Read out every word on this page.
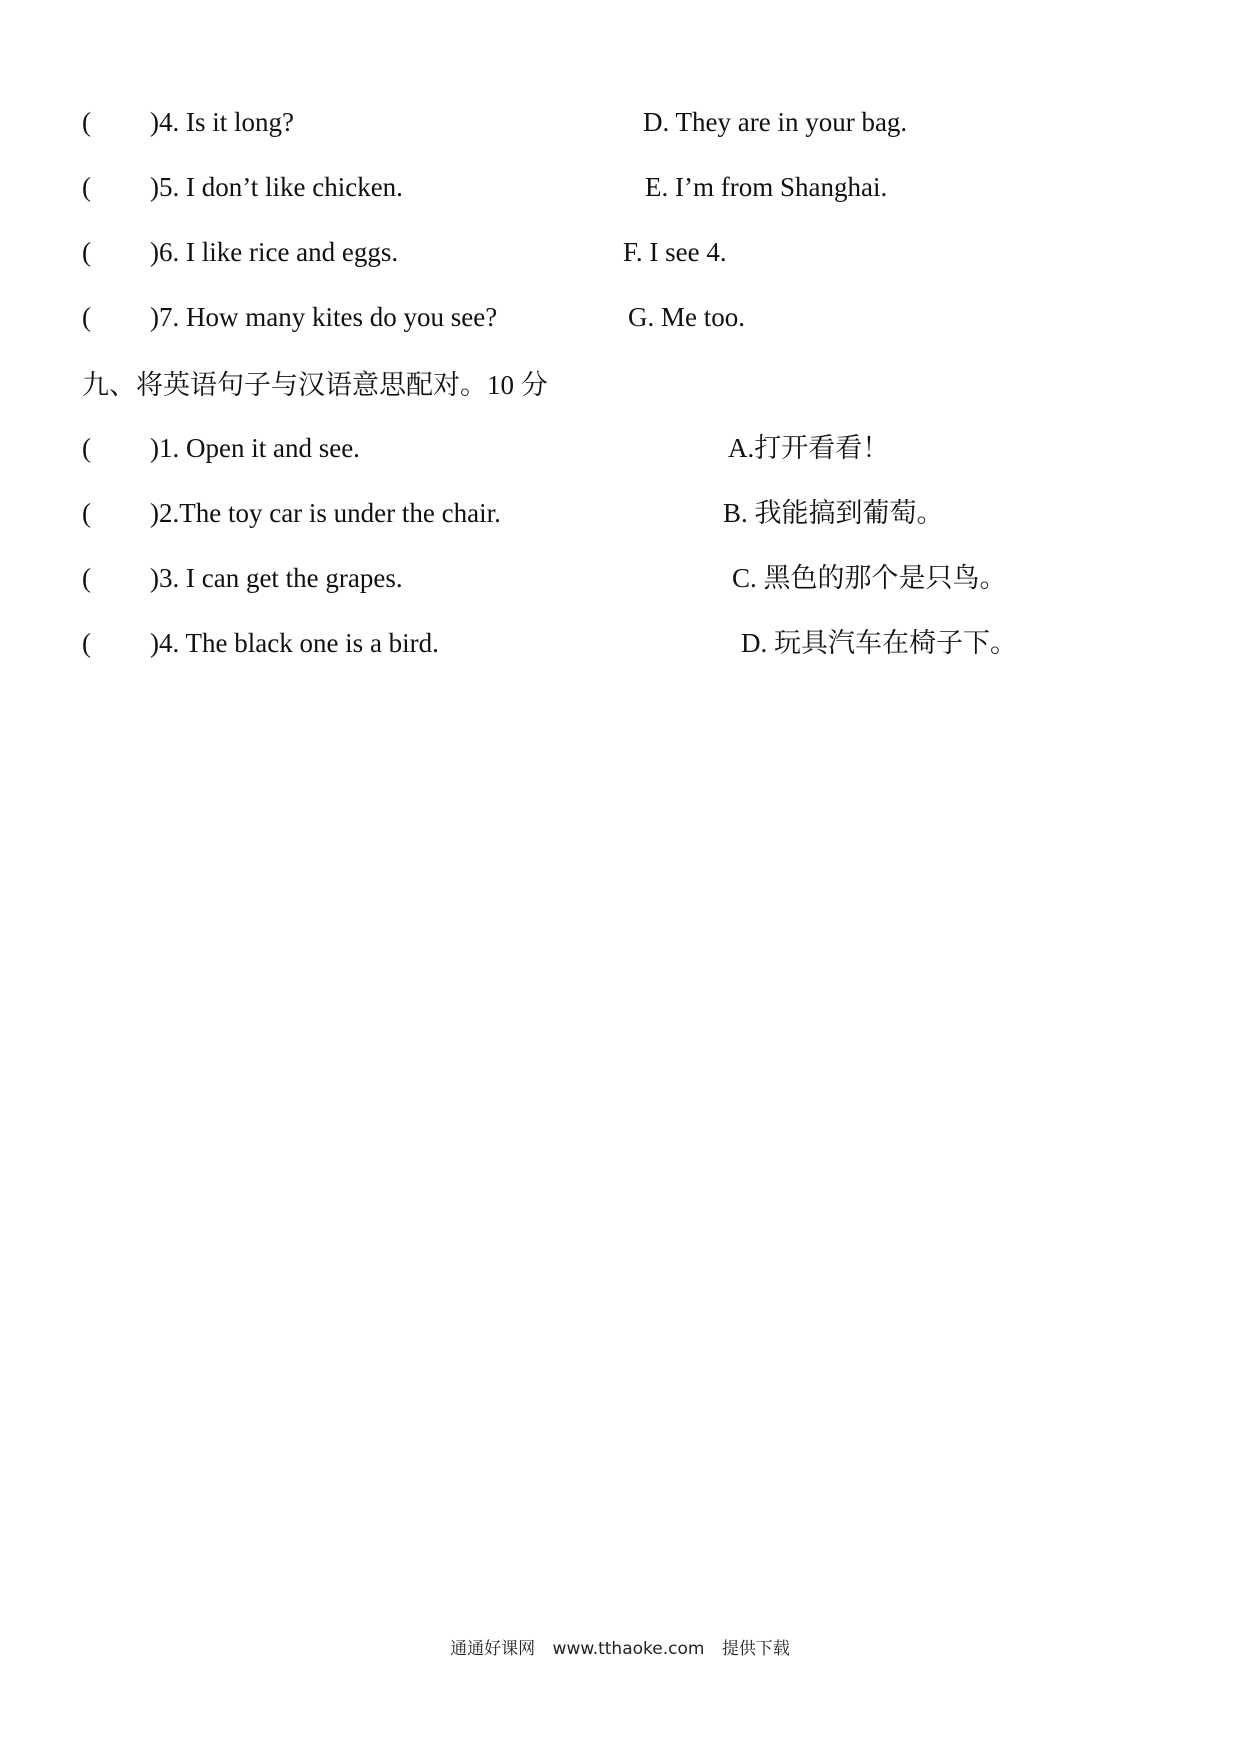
( )4. Is it long?	D. They are in your bag.
( )5. I don’t like chicken.	E. I’m from Shanghai.
( )6. I like rice and eggs.	F. I see 4.
( )7. How many kites do you see?	G. Me too.
九、将英语句子与汉语意思配对。10 分
( )1. Open it and see.	A.打开看看！
( )2.The toy car is under the chair.	B. 我能搞到葡萄。
( )3. I can get the grapes.	C. 黑色的那个是只鸟。
( )4. The black one is a bird.	D. 玩具汽车在椅子下。
通通好课网 www.tthaoke.com 提供下载
